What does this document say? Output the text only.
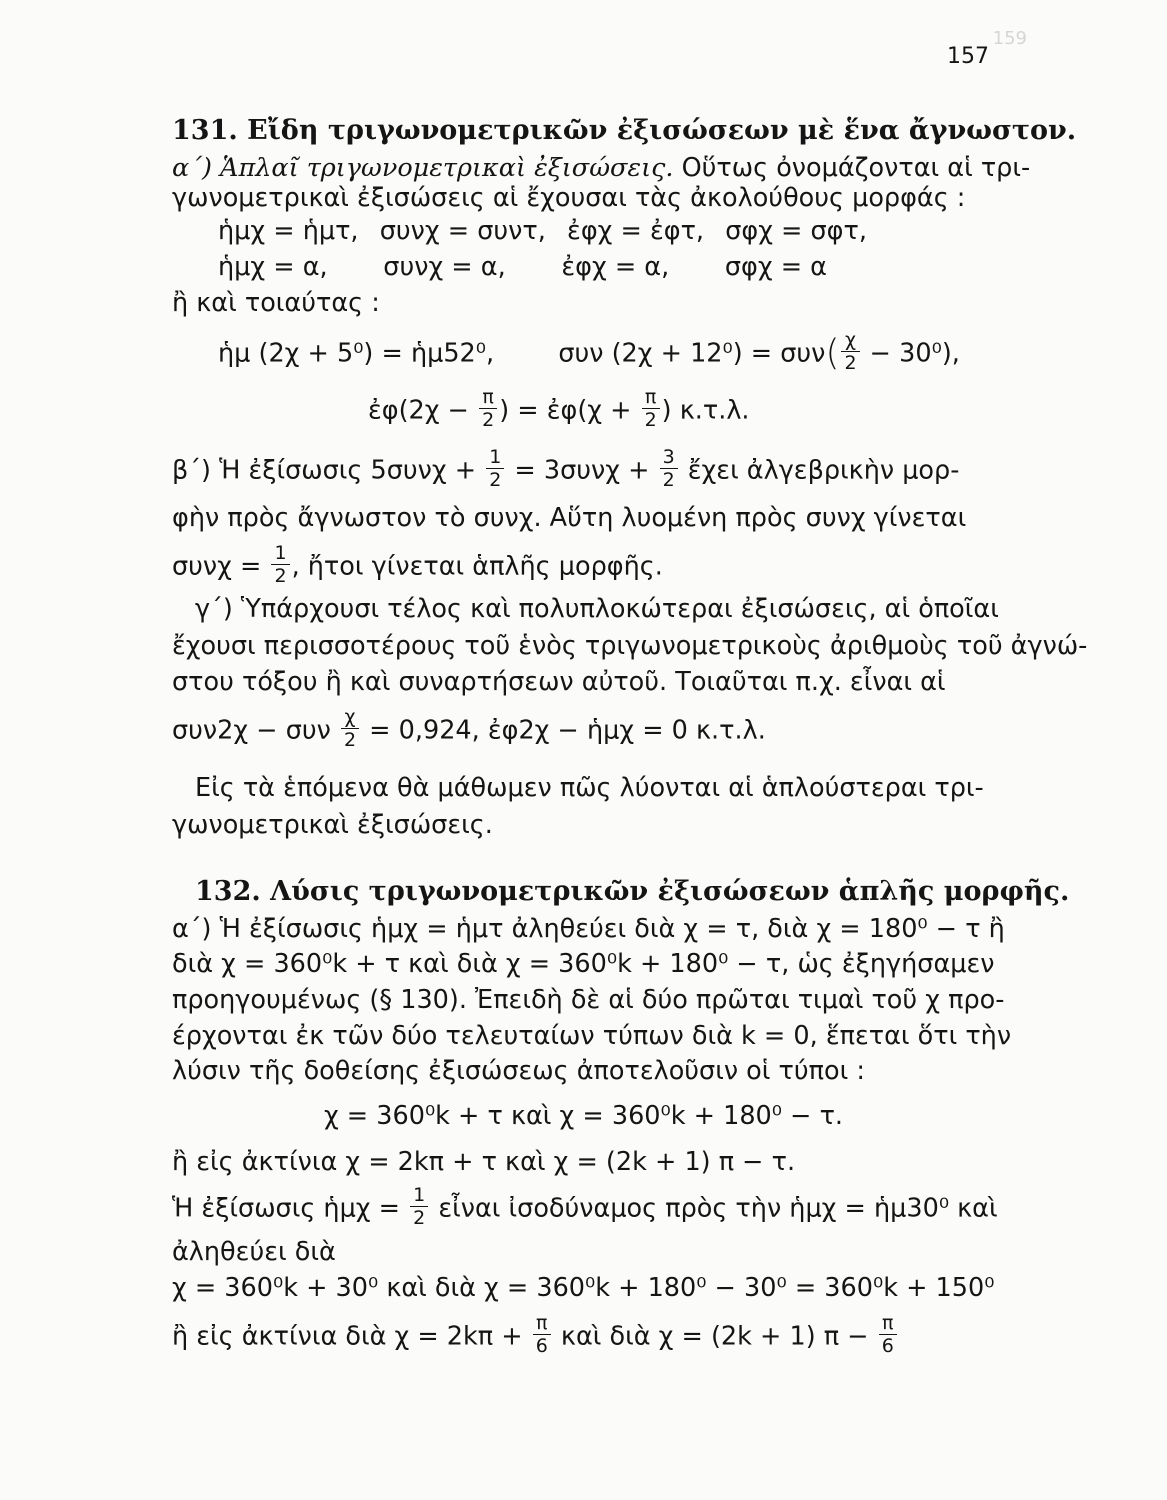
159
157
131. Εἴδη τριγωνομετρικῶν ἐξισώσεων μὲ ἕνα ἄγνωστον.
α΄) Ἁπλαῖ τριγωνομετρικαὶ ἐξισώσεις. Οὕτως ὀνομάζονται αἱ τρι-
γωνομετρικαὶ ἐξισώσεις αἱ ἔχουσαι τὰς ἀκολούθους μορφάς :
ἡμχ = ἡμτ, συνχ = συντ, ἐφχ = ἐφτ, σφχ = σφτ,
ἡμχ = α, συνχ = α, ἐφχ = α, σφχ = α
ἢ καὶ τοιαύτας :
ἡμ (2χ + 5⁰) = ἡμ52⁰,	συν $(2\chi + 12^0) = \sigma\upsilon\nu( \frac{\chi}{2} - 30^0)$,
ἐφ(2χ − $\frac{\pi}{2}$ ) = ἐφ(χ + $\frac{\pi}{2}$ ) κ.τ.λ.
β΄) Ἡ ἐξίσωσις $5\sigma\upsilon\nu\chi + \frac{1}{2} = 3\sigma\upsilon\nu\chi + \frac{3}{2}$ ἔχει ἀλγεβρικὴν μορ-
φὴν πρὸς ἄγνωστον τὸ συνχ. Αὕτη λυομένη πρὸς συνχ γίνεται
$\sigma\upsilon\nu\chi = \frac{1}{2}$ , ἤτοι γίνεται ἁπλῆς μορφῆς.
γ΄) Ὑπάρχουσι τέλος καὶ πολυπλοκώτεραι ἐξισώσεις, αἱ ὁποῖαι
ἔχουσι περισσοτέρους τοῦ ἑνὸς τριγωνομετρικοὺς ἀριθμοὺς τοῦ ἀγνώ-
στου τόξου ἢ καὶ συναρτήσεων αὐτοῦ. Τοιαῦται π.χ. εἶναι αἱ
συν2χ − συν $\frac{\chi}{2} = 0,924$, ἐφ2χ − ἡμχ = 0 κ.τ.λ.
Εἰς τὰ ἑπόμενα θὰ μάθωμεν πῶς λύονται αἱ ἁπλούστεραι τρι-
γωνομετρικαὶ ἐξισώσεις.
132. Λύσις τριγωνομετρικῶν ἐξισώσεων ἁπλῆς μορφῆς.
α΄) Ἡ ἐξίσωσις ἡμχ = ἡμτ ἀληθεύει διὰ χ = τ, διὰ χ = 180⁰ − τ ἢ
διὰ χ = 360⁰k + τ καὶ διὰ χ = 360⁰k + 180⁰ − τ, ὡς ἐξηγήσαμεν
προηγουμένως (§ 130). Ἐπειδὴ δὲ αἱ δύο πρῶται τιμαὶ τοῦ χ προ-
έρχονται ἐκ τῶν δύο τελευταίων τύπων διὰ k = 0, ἕπεται ὅτι τὴν
λύσιν τῆς δοθείσης ἐξισώσεως ἀποτελοῦσιν οἱ τύποι :
χ = 360⁰k + τ καὶ χ = 360⁰k + 180⁰ − τ.
ἢ εἰς ἀκτίνια χ = 2kπ + τ καὶ χ = (2k + 1) π − τ.
Ἡ ἐξίσωσις ἡμχ = $\frac{1}{2}$ εἶναι ἰσοδύναμος πρὸς τὴν ἡμχ = ἡμ30⁰ καὶ
ἀληθεύει διὰ
χ = 360⁰k + 30⁰ καὶ διὰ χ = 360⁰k + 180⁰ − 30⁰ = 360⁰k + 150⁰
ἢ εἰς ἀκτίνια διὰ $\chi = 2k\pi + \frac{\pi}{6}$ καὶ διὰ χ = (2k + 1) $\pi - \frac{\pi}{6}$
